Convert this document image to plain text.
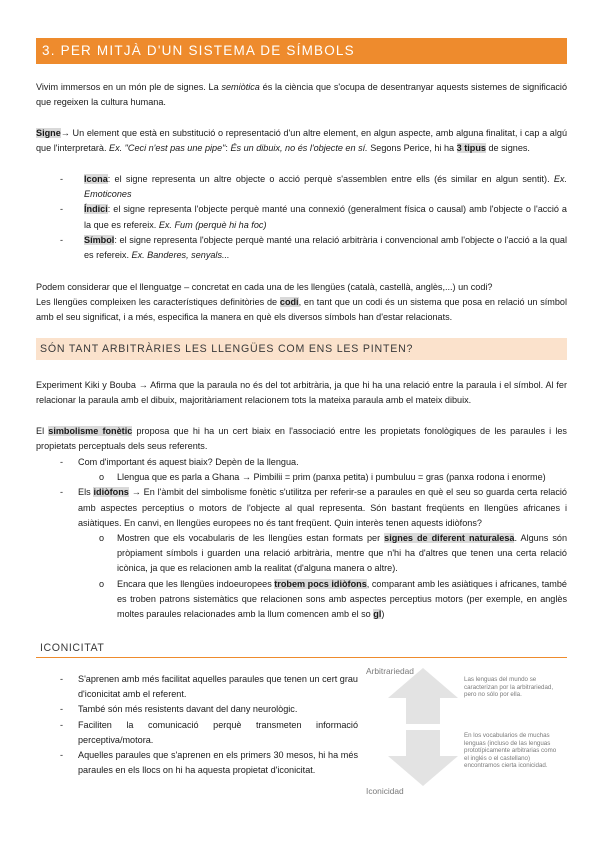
3. PER MITJÀ D'UN SISTEMA DE SÍMBOLS
Vivim immersos en un món ple de signes. La semiòtica és la ciència que s'ocupa de desentranyar aquests sistemes de significació que regeixen la cultura humana.
Signe→ Un element que està en substitució o representació d'un altre element, en algun aspecte, amb alguna finalitat, i cap a algú que l'interpretarà. Ex. "Ceci n'est pas une pipe": És un dibuix, no és l'objecte en sí. Segons Perice, hi ha 3 tipus de signes.
- Icona: el signe representa un altre objecte o acció perquè s'assemblen entre ells (és similar en algun sentit). Ex. Emoticones
- Índici: el signe representa l'objecte perquè manté una connexió (generalment física o causal) amb l'objecte o l'acció a la que es refereix. Ex. Fum (perquè hi ha foc)
- Símbol: el signe representa l'objecte perquè manté una relació arbitrària i convencional amb l'objecte o l'acció a la qual es refereix. Ex. Banderes, senyals...
Podem considerar que el llenguatge – concretat en cada una de les llengües (català, castellà, anglès,...) un codi?
Les llengües compleixen les característiques definitòries de codi, en tant que un codi és un sistema que posa en relació un símbol amb el seu significat, i a més, especifica la manera en què els diversos símbols han d'estar relacionats.
SÓN TANT ARBITRÀRIES LES LLENGÜES COM ENS LES PINTEN?
Experiment Kiki y Bouba → Afirma que la paraula no és del tot arbitrària, ja que hi ha una relació entre la paraula i el símbol. Al fer relacionar la paraula amb el dibuix, majoritàriament relacionem tots la mateixa paraula amb el mateix dibuix.
El simbolisme fonètic proposa que hi ha un cert biaix en l'associació entre les propietats fonològiques de les paraules i les propietats perceptuals dels seus referents.
- Com d'important és aquest biaix? Depèn de la llengua.
o Llengua que es parla a Ghana → Pimbilii = prim (panxa petita) i pumbuluu = gras (panxa rodona i enorme)
- Els idiòfons → En l'àmbit del simbolisme fonètic s'utilitza per referir-se a paraules en què el seu so guarda certa relació amb aspectes perceptius o motors de l'objecte al qual representa. Són bastant freqüents en llengües africanes i asiàtiques. En canvi, en llengües europees no és tant freqüent. Quin interès tenen aquests idiòfons?
o Mostren que els vocabularis de les llengües estan formats per signes de diferent naturalesa. Alguns són pròpiament símbols i guarden una relació arbitrària, mentre que n'hi ha d'altres que tenen una certa relació icònica, ja que es relacionen amb la realitat (d'alguna manera o altre).
o Encara que les llengües indoeuropees trobem pocs idiòfons, comparant amb les asiàtiques i africanes, també es troben patrons sistemàtics que relacionen sons amb aspectes perceptius motors (per exemple, en anglès moltes paraules relacionades amb la llum comencen amb el so gl)
ICONICITAT
- S'aprenen amb més facilitat aquelles paraules que tenen un cert grau d'iconicitat amb el referent.
- També són més resistents davant del dany neurològic.
- Faciliten la comunicació perquè transmeten informació perceptiva/motora.
- Aquelles paraules que s'aprenen en els primers 30 mesos, hi ha més paraules en els llocs on hi ha aquesta propietat d'iconicitat.
Arbitrariedad
Las lenguas del mundo se caracterizan por la arbitrariedad, pero no sólo por ella.
En los vocabularios de muchas lenguas (incluso de las lenguas prototípicamente arbitrarias como el inglés o el castellano) encontramos cierta iconicidad.
Iconicidad
